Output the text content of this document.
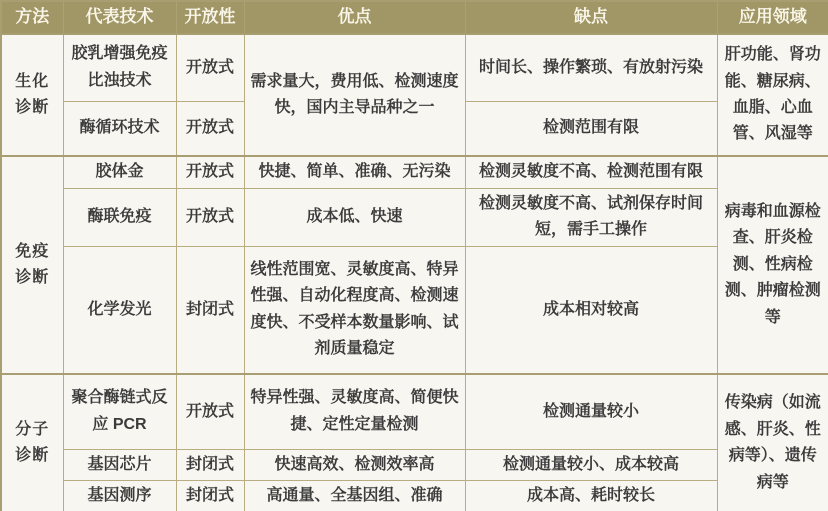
方法	代表技术	开放性	优点	缺点	应用领域
生化诊断	胶乳增强免疫比浊技术	开放式	需求量大，费用低、检测速度快，国内主导品种之一	时间长、操作繁琐、有放射污染	肝功能、肾功能、糖尿病、血脂、心血管、风湿等
	酶循环技术	开放式		检测范围有限	
免疫诊断	胶体金	开放式	快捷、简单、准确、无污染	检测灵敏度不高、检测范围有限	病毒和血源检查、肝炎检测、性病检测、肿瘤检测等
	酶联免疫	开放式	成本低、快速	检测灵敏度不高、试剂保存时间短，需手工操作	
	化学发光	封闭式	线性范围宽、灵敏度高、特异性强、自动化程度高、检测速度快、不受样本数量影响、试剂质量稳定	成本相对较高	
分子诊断	聚合酶链式反应 PCR	开放式	特异性强、灵敏度高、简便快捷、定性定量检测	检测通量较小	传染病（如流感、肝炎、性病等）、遗传病等
	基因芯片	封闭式	快速高效、检测效率高	检测通量较小、成本较高	
	基因测序	封闭式	高通量、全基因组、准确	成本高、耗时较长	
